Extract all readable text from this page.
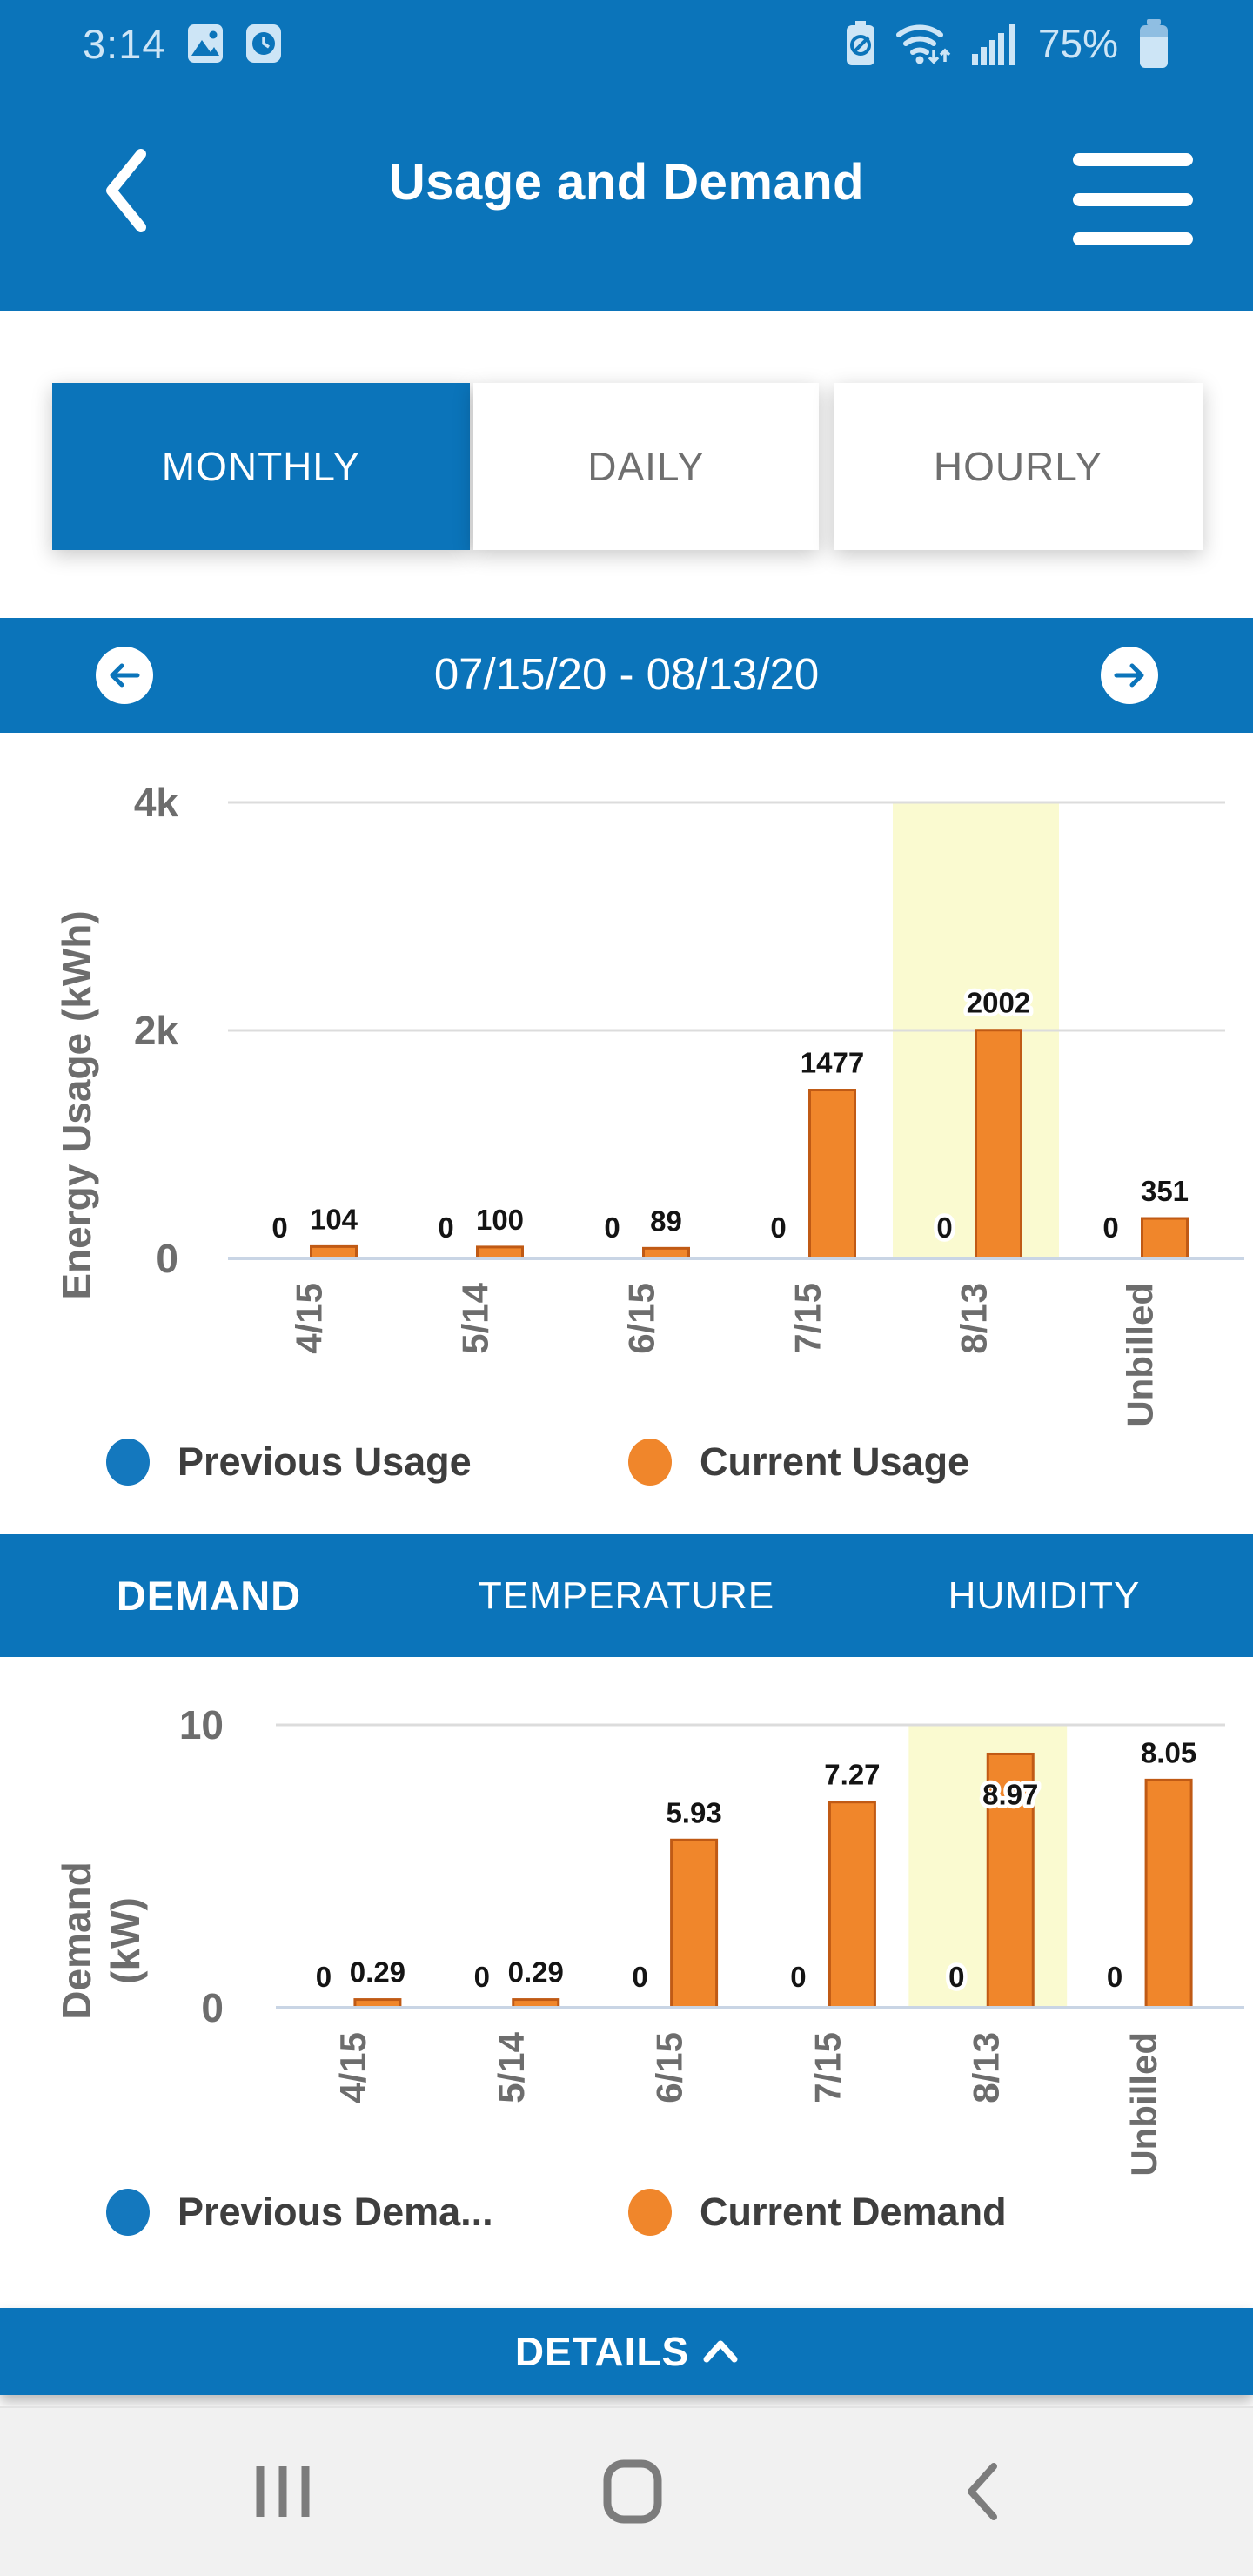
3:14	75%
Usage and Demand
MONTHLY	DAILY	HOURLY
07/15/20 - 08/13/20
0
2k
4k
0 104
4/15
0 100
5/14
0 89
6/15
0
1477
7/15
0
2002
8/13
0
351
Unbilled
Energy Usage (kWh)
Previous Usage	Current Usage
DEMAND	TEMPERATURE	HUMIDITY
0
10
0 0.29
4/15
0 0.29
5/14
0
5.93
6/15
0
7.27
7/15
0
8.97
8/13
0
8.05
Unbilled
Demand (kW)
Previous Dema...	Current Demand
DETAILS
